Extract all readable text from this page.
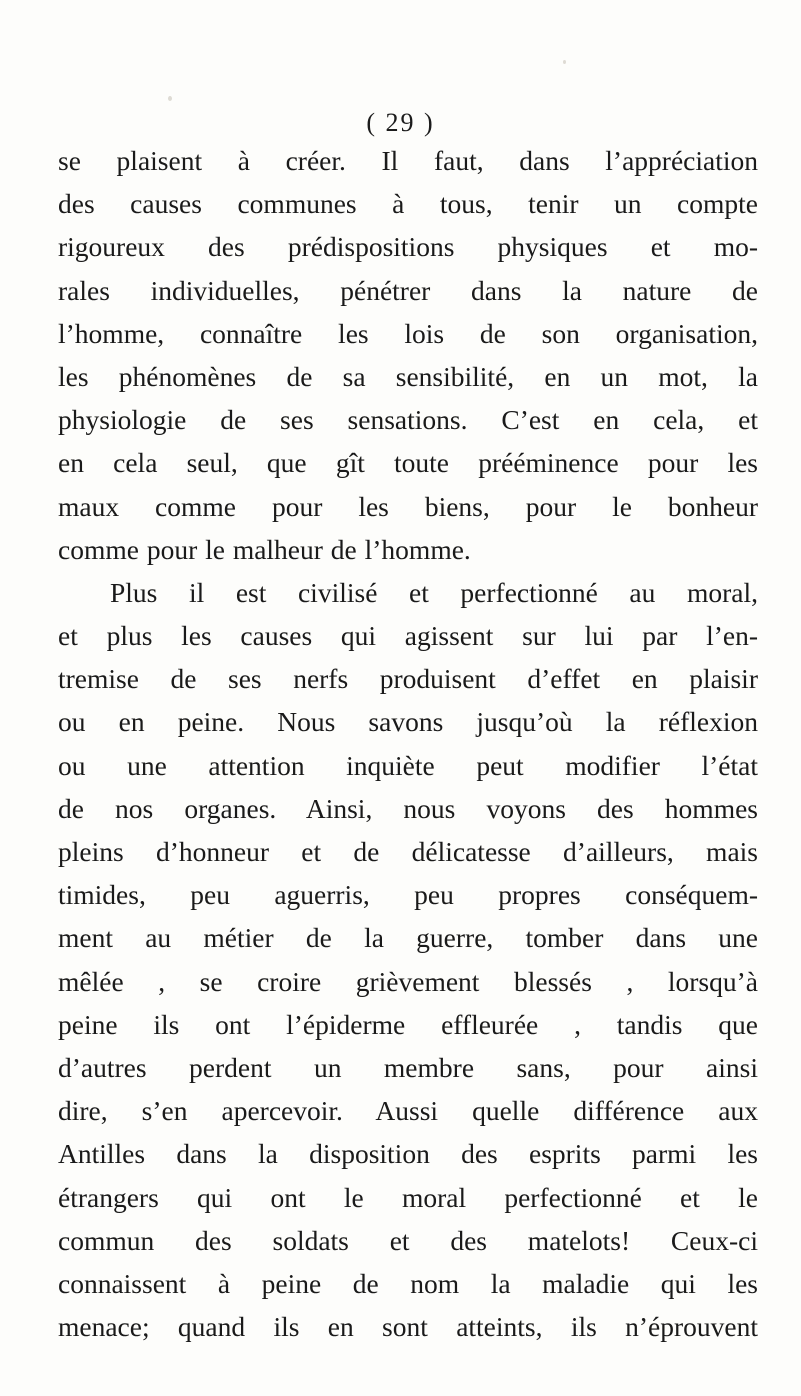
( 29 )
se plaisent à créer. Il faut, dans l’appréciation
des causes communes à tous, tenir un compte
rigoureux des prédispositions physiques et mo-
rales individuelles, pénétrer dans la nature de
l’homme, connaître les lois de son organisation,
les phénomènes de sa sensibilité, en un mot, la
physiologie de ses sensations. C’est en cela, et
en cela seul, que gît toute prééminence pour les
maux comme pour les biens, pour le bonheur
comme pour le malheur de l’homme.
Plus il est civilisé et perfectionné au moral,
et plus les causes qui agissent sur lui par l’en-
tremise de ses nerfs produisent d’effet en plaisir
ou en peine. Nous savons jusqu’où la réflexion
ou une attention inquiète peut modifier l’état
de nos organes. Ainsi, nous voyons des hommes
pleins d’honneur et de délicatesse d’ailleurs, mais
timides, peu aguerris, peu propres conséquem-
ment au métier de la guerre, tomber dans une
mêlée , se croire grièvement blessés , lorsqu’à
peine ils ont l’épiderme effleurée , tandis que
d’autres perdent un membre sans, pour ainsi
dire, s’en apercevoir. Aussi quelle différence aux
Antilles dans la disposition des esprits parmi les
étrangers qui ont le moral perfectionné et le
commun des soldats et des matelots! Ceux-ci
connaissent à peine de nom la maladie qui les
menace; quand ils en sont atteints, ils n’éprouvent
